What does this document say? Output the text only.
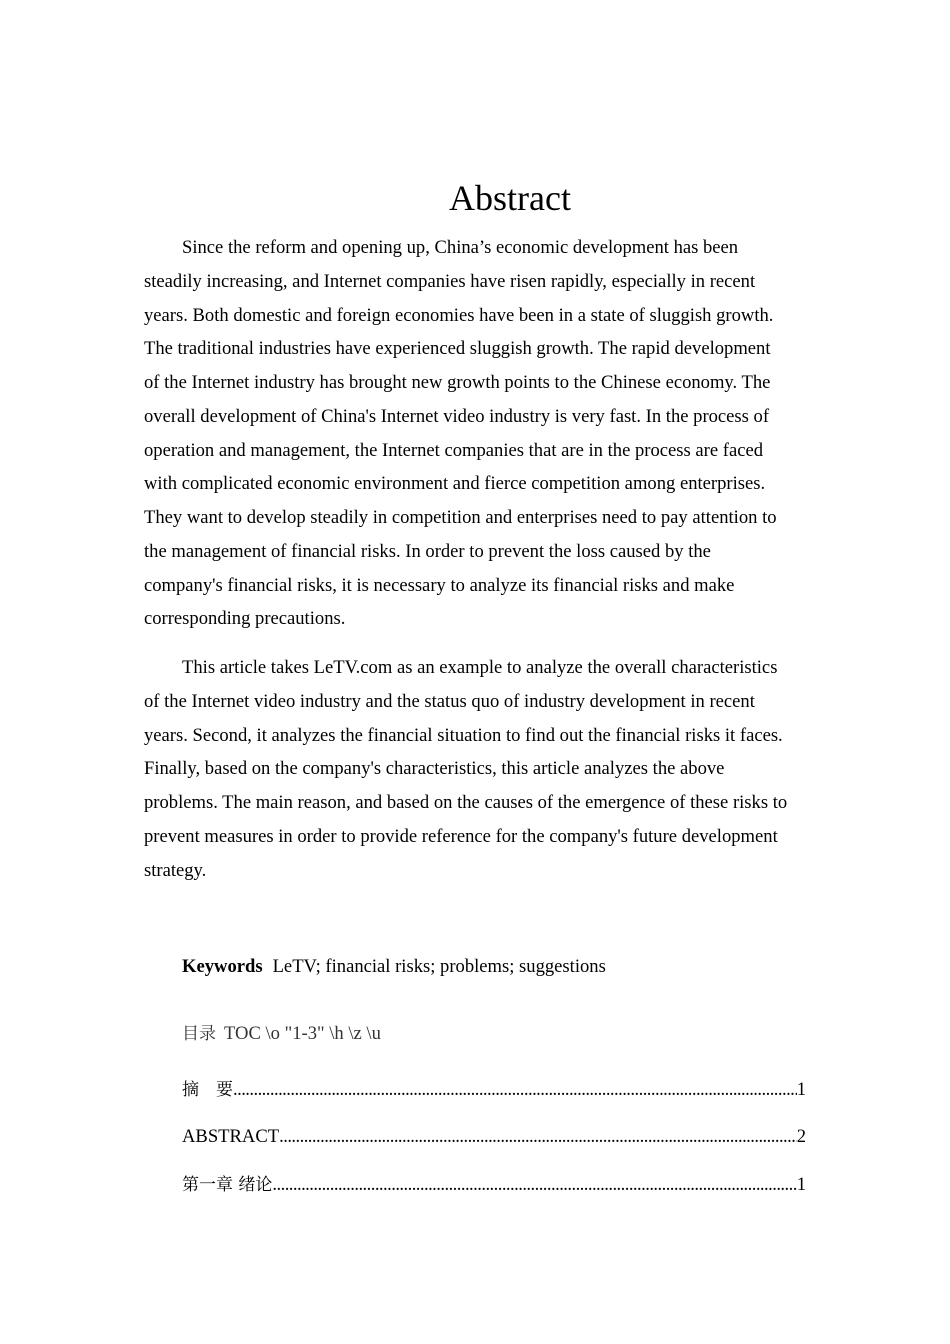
Abstract
Since the reform and opening up, China’s economic development has been
steadily increasing, and Internet companies have risen rapidly, especially in recent
years. Both domestic and foreign economies have been in a state of sluggish growth.
The traditional industries have experienced sluggish growth. The rapid development
of the Internet industry has brought new growth points to the Chinese economy. The
overall development of China's Internet video industry is very fast. In the process of
operation and management, the Internet companies that are in the process are faced
with complicated economic environment and fierce competition among enterprises.
They want to develop steadily in competition and enterprises need to pay attention to
the management of financial risks. In order to prevent the loss caused by the
company's financial risks, it is necessary to analyze its financial risks and make
corresponding precautions.
This article takes LeTV.com as an example to analyze the overall characteristics
of the Internet video industry and the status quo of industry development in recent
years. Second, it analyzes the financial situation to find out the financial risks it faces.
Finally, based on the company's characteristics, this article analyzes the above
problems. The main reason, and based on the causes of the emergence of these risks to
prevent measures in order to provide reference for the company's future development
strategy.
Keywords LeTV; financial risks; problems; suggestions
目录 TOC \o "1-3" \h \z \u
摘　要 . . .	1
ABSTRACT . . .	2
第一章 绪论 . . .	1
